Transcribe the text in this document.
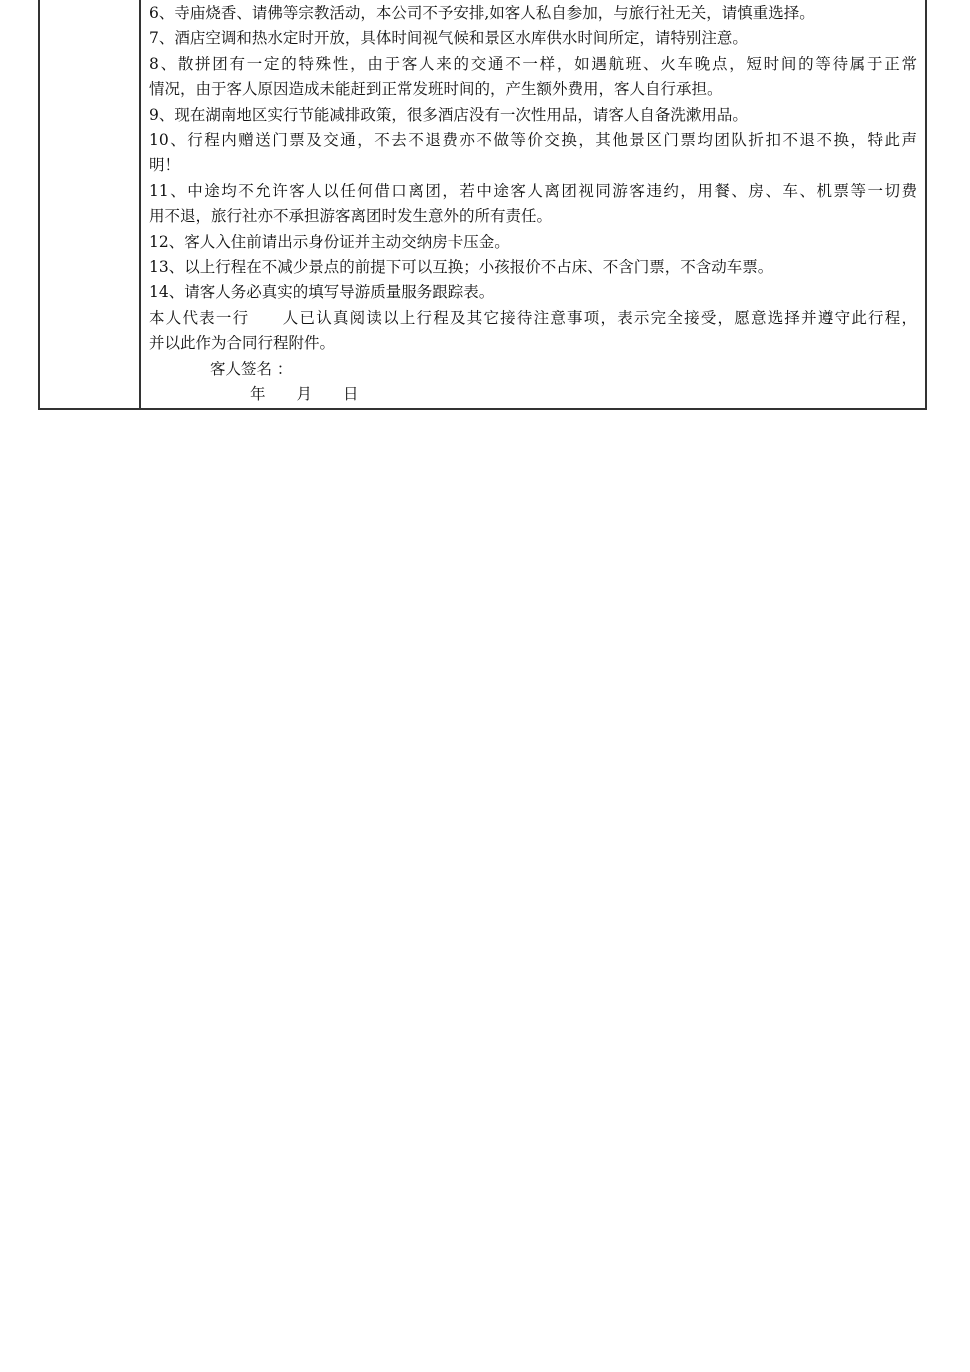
6、寺庙烧香、请佛等宗教活动，本公司不予安排,如客人私自参加，与旅行社无关，请慎重选择。
7、酒店空调和热水定时开放，具体时间视气候和景区水库供水时间所定，请特别注意。
8、散拼团有一定的特殊性，由于客人来的交通不一样，如遇航班、火车晚点，短时间的等待属于正常
情况，由于客人原因造成未能赶到正常发班时间的，产生额外费用，客人自行承担。
9、现在湖南地区实行节能减排政策，很多酒店没有一次性用品，请客人自备洗漱用品。
10、行程内赠送门票及交通，不去不退费亦不做等价交换，其他景区门票均团队折扣不退不换，特此声
明！
11、中途均不允许客人以任何借口离团，若中途客人离团视同游客违约，用餐、房、车、机票等一切费
用不退，旅行社亦不承担游客离团时发生意外的所有责任。
12、客人入住前请出示身份证并主动交纳房卡压金。
13、以上行程在不减少景点的前提下可以互换；小孩报价不占床、不含门票，不含动车票。
14、请客人务必真实的填写导游质量服务跟踪表。
本人代表一行　　人已认真阅读以上行程及其它接待注意事项，表示完全接受，愿意选择并遵守此行程，
并以此作为合同行程附件。
客人签名 ：
年　　月　　日
